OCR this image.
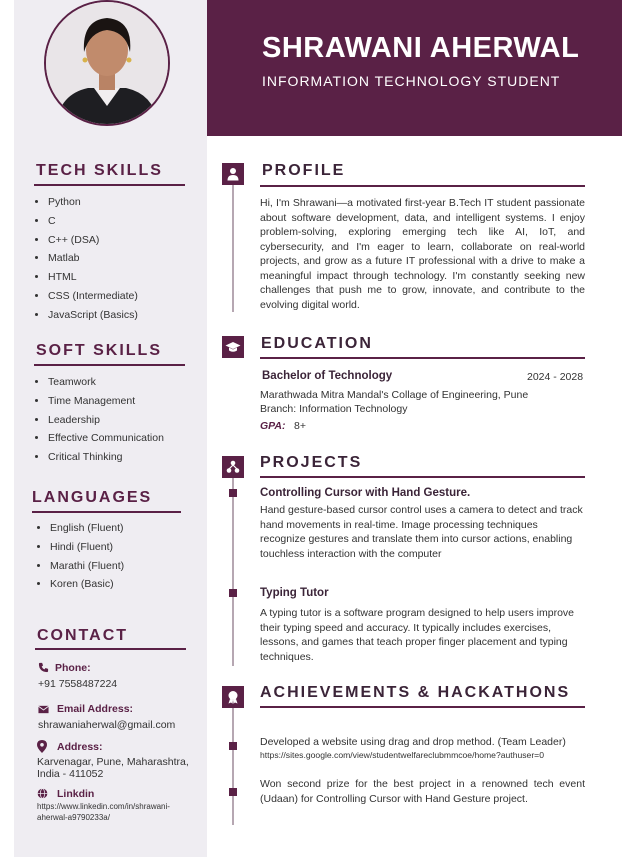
SHRAWANI AHERWAL
INFORMATION TECHNOLOGY STUDENT
TECH SKILLS
• Python
• C
• C++ (DSA)
• Matlab
• HTML
• CSS (Intermediate)
• JavaScript (Basics)
SOFT SKILLS
• Teamwork
• Time Management
• Leadership
• Effective Communication
• Critical Thinking
LANGUAGES
• English (Fluent)
• Hindi (Fluent)
• Marathi (Fluent)
• Koren (Basic)
CONTACT
Phone:
+91 7558487224
Email Address:
shrawaniaherwal@gmail.com
Address:
Karvenagar, Pune, Maharashtra,
India - 411052
Linkdin
https://www.linkedin.com/in/shrawani-
aherwal-a9790233a/
PROFILE
Hi, I'm Shrawani—a motivated first-year B.Tech IT student passionate about software development, data, and intelligent systems. I enjoy problem-solving, exploring emerging tech like AI, IoT, and cybersecurity, and I'm eager to learn, collaborate on real-world projects, and grow as a future IT professional with a drive to make a meaningful impact through technology. I'm constantly seeking new challenges that push me to grow, innovate, and contribute to the evolving digital world.
EDUCATION
Bachelor of Technology	2024 - 2028
Marathwada Mitra Mandal's Collage of Engineering, Pune
Branch: Information Technology
GPA: 8+
PROJECTS
Controlling Cursor with Hand Gesture.
Hand gesture-based cursor control uses a camera to detect and track hand movements in real-time. Image processing techniques recognize gestures and translate them into cursor actions, enabling touchless interaction with the computer
Typing Tutor
A typing tutor is a software program designed to help users improve their typing speed and accuracy. It typically includes exercises, lessons, and games that teach proper finger placement and typing techniques.
ACHIEVEMENTS & HACKATHONS
Developed a website using drag and drop method. (Team Leader)
https://sites.google.com/view/studentwelfareclubmmcoe/home?authuser=0
Won second prize for the best project in a renowned tech event (Udaan) for Controlling Cursor with Hand Gesture project.
